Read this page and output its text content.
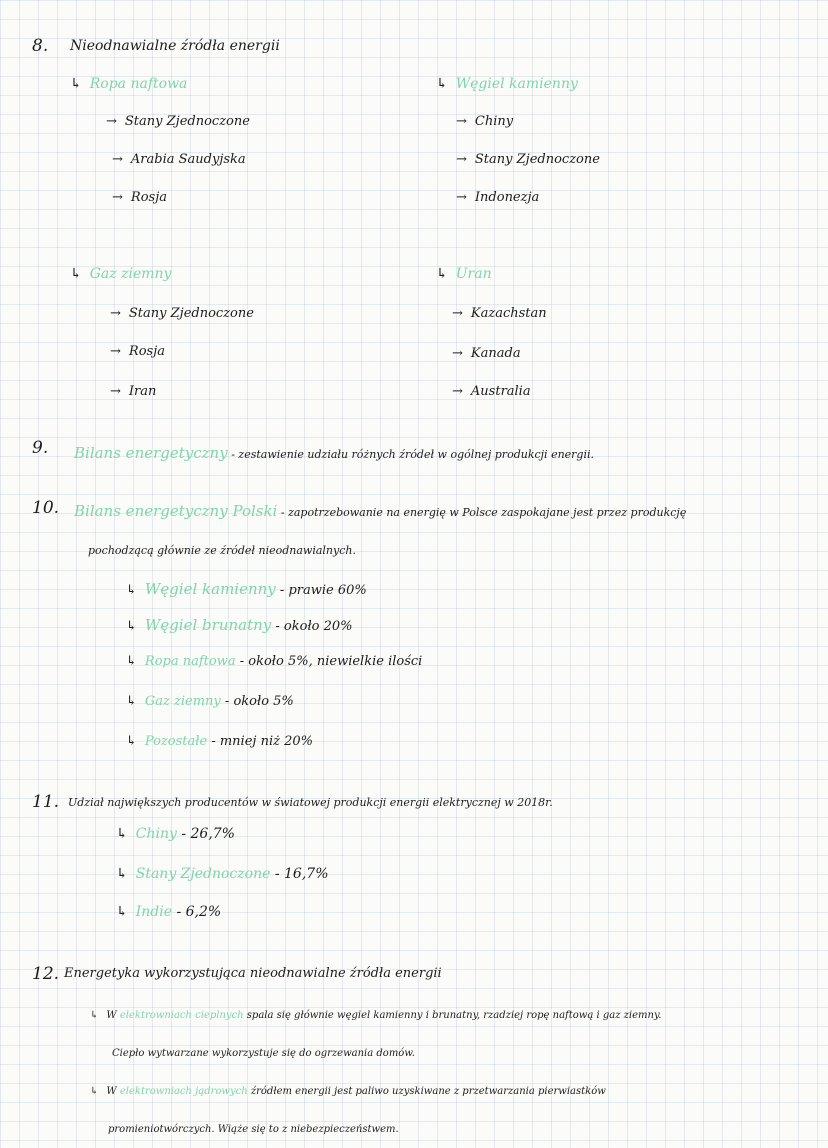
8. Nieodnawialne źródła energii
↳ Ropa naftowa
→ Stany Zjednoczone
→ Arabia Saudyjska
→ Rosja
↳ Węgiel kamienny
→ Chiny
→ Stany Zjednoczone
→ Indonezja
↳ Gaz ziemny
→ Stany Zjednoczone
→ Rosja
→ Iran
↳ Uran
→ Kazachstan
→ Kanada
→ Australia
9. Bilans energetyczny - zestawienie udziału różnych źródeł w ogólnej produkcji energii.
10. Bilans energetyczny Polski - zapotrzebowanie na energię w Polsce zaspokajane jest przez produkcję
pochodzącą głównie ze źródeł nieodnawialnych.
↳ Węgiel kamienny - prawie 60%
↳ Węgiel brunatny - około 20%
↳ Ropa naftowa - około 5%, niewielkie ilości
↳ Gaz ziemny - około 5%
↳ Pozostałe - mniej niż 20%
11. Udział największych producentów w światowej produkcji energii elektrycznej w 2018r.
↳ Chiny - 26,7%
↳ Stany Zjednoczone - 16,7%
↳ Indie - 6,2%
12. Energetyka wykorzystująca nieodnawialne źródła energii
↳ W elektrowniach cieplnych spala się głównie węgiel kamienny i brunatny, rzadziej ropę naftową i gaz ziemny.
Ciepło wytwarzane wykorzystuje się do ogrzewania domów.
↳ W elektrowniach jądrowych źródłem energii jest paliwo uzyskiwane z przetwarzania pierwiastków
promieniotwórczych. Wiąże się to z niebezpieczeństwem.
